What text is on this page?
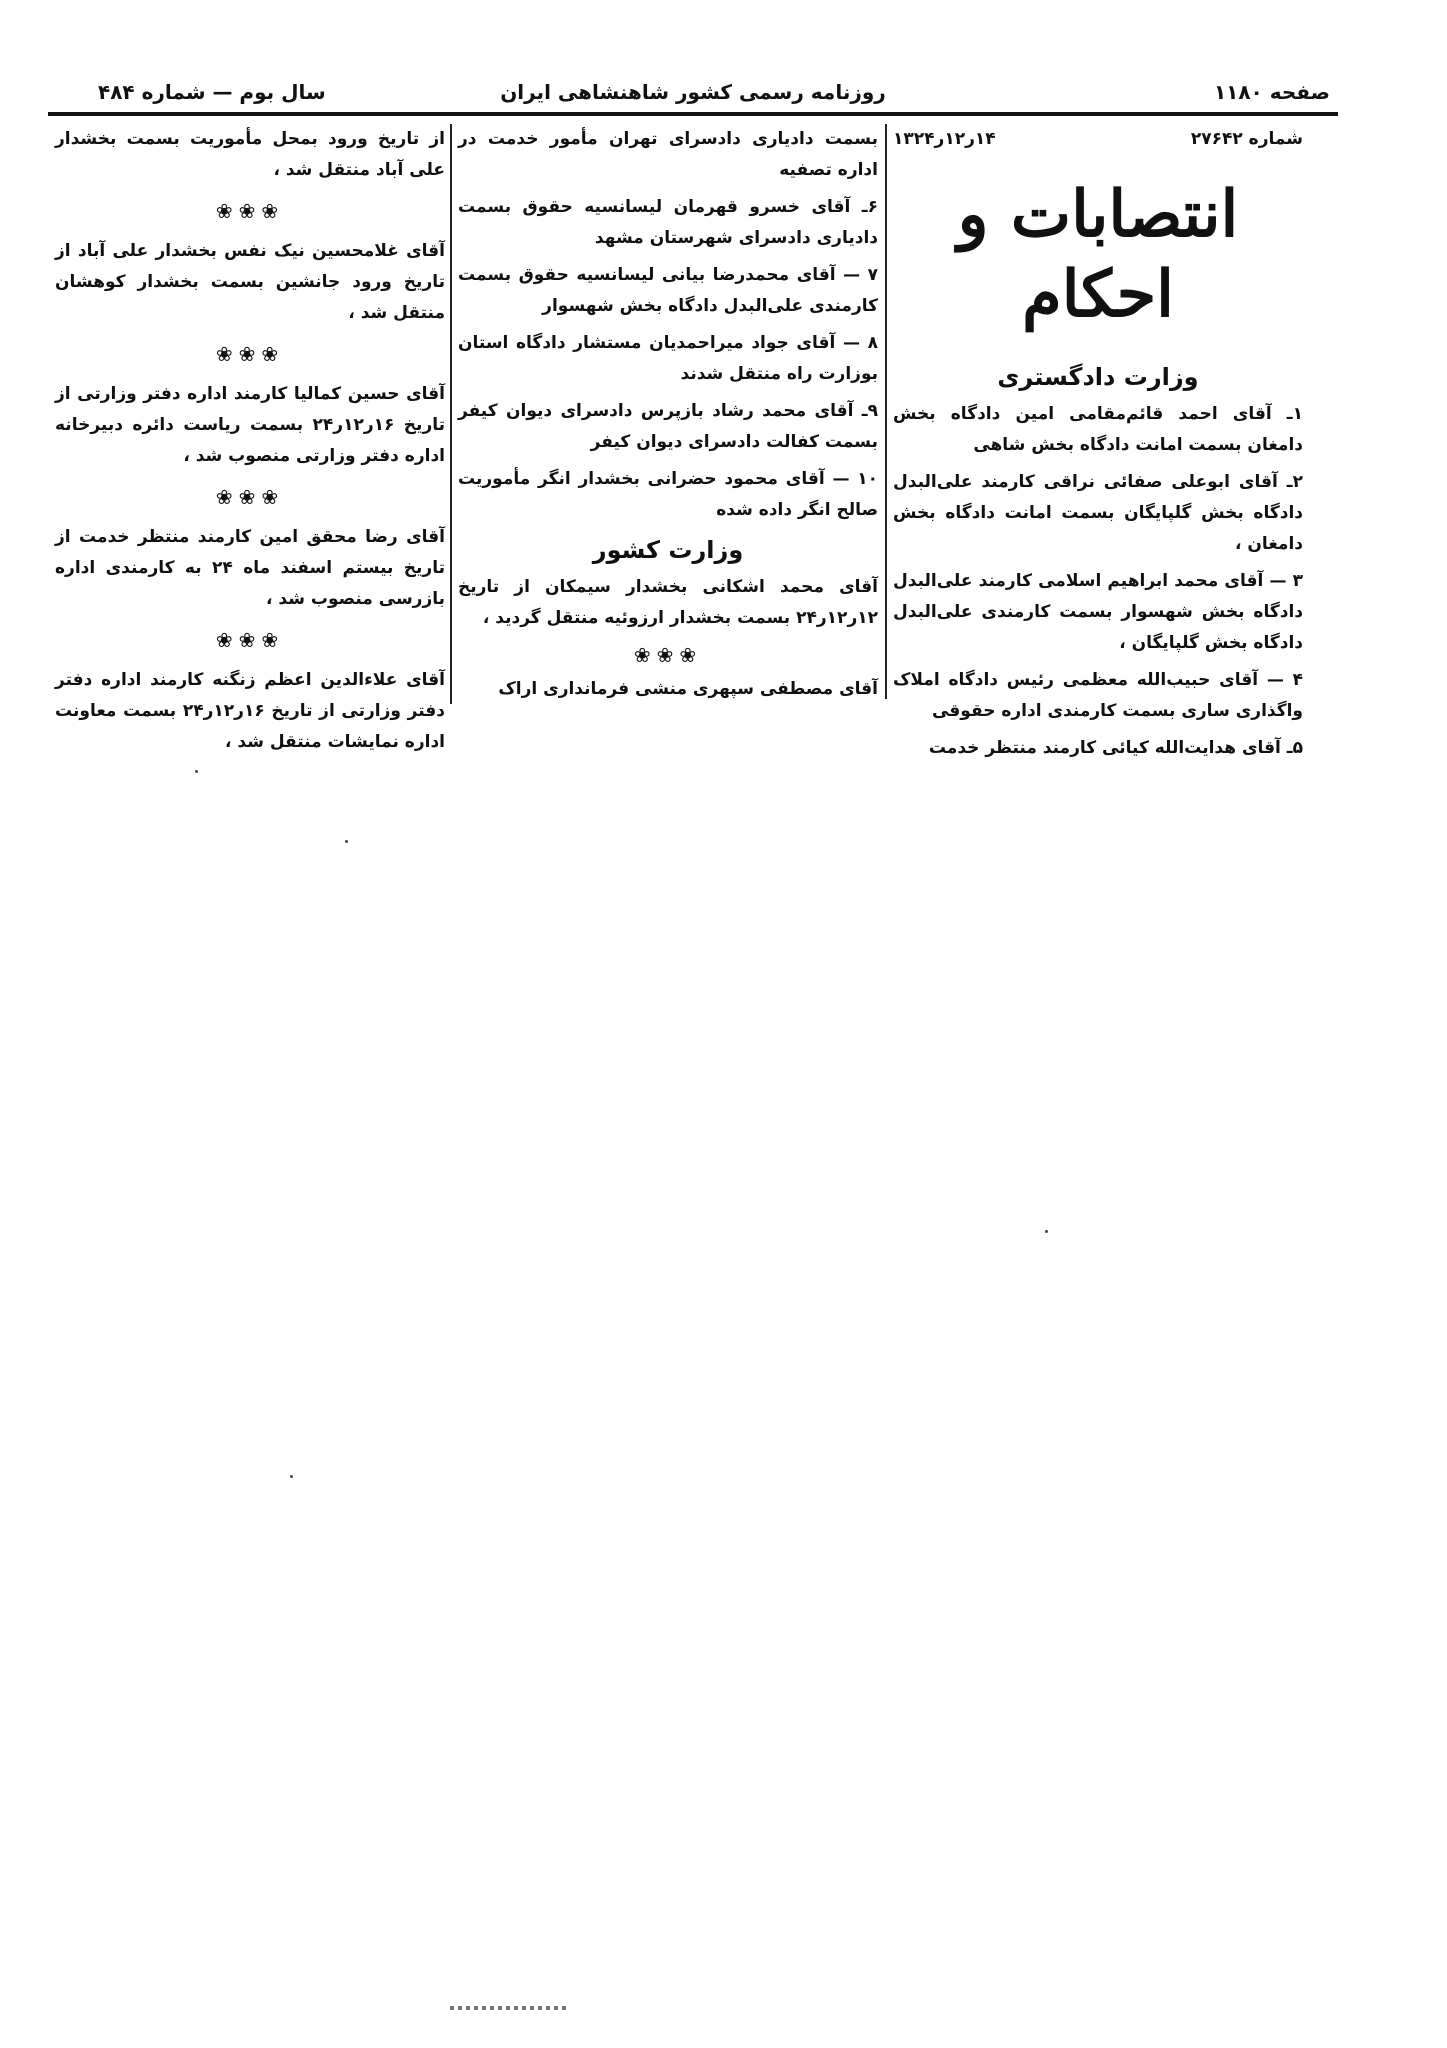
سال بوم — شماره ۴۸۴	روزنامه رسمی کشور شاهنشاهی ایران	صفحه ۱۱۸۰
شماره ۲۷۶۴۲
۱۴ر۱۲ر۱۳۲۴
انتصابات و احکام
وزارت دادگستری

۱ـ آقای احمد قائم‌مقامی امین دادگاه بخش دامغان بسمت امانت دادگاه بخش شاهی

۲ـ آقای ابوعلی صفائی نراقی کارمند علی‌البدل دادگاه بخش گلپایگان بسمت امانت دادگاه بخش دامغان ،

۳ — آقای محمد ابراهیم اسلامی کارمند علی‌البدل دادگاه بخش شهسوار بسمت کارمندی علی‌البدل دادگاه بخش گلپایگان ،

۴ — آقای حبیب‌الله معظمی رئیس دادگاه املاک واگذاری ساری بسمت کارمندی اداره حقوقی

۵ـ آقای هدایت‌الله کیائی کارمند منتظر خدمت

بسمت دادیاری دادسرای تهران مأمور خدمت در اداره تصفیه

۶ـ آقای خسرو قهرمان لیسانسیه حقوق بسمت دادیاری دادسرای شهرستان مشهد

۷ — آقای محمدرضا بیانی لیسانسیه حقوق بسمت کارمندی علی‌البدل دادگاه بخش شهسوار

۸ — آقای جواد میراحمدیان مستشار دادگاه استان بوزارت راه منتقل شدند

۹ـ آقای محمد رشاد بازپرس دادسرای دیوان کیفر بسمت کفالت دادسرای دیوان کیفر

۱۰ — آقای محمود حضرانی بخشدار انگر مأموریت صالح انگر داده شده

وزارت کشور

آقای محمد اشکانی بخشدار سیمکان از تاریخ ۱۲ر۱۲ر۲۴ بسمت بخشدار ارزوئیه منتقل گردید ،

❀❀❀

آقای مصطفی سپهری منشی فرمانداری اراک

از تاریخ ورود بمحل مأموریت بسمت بخشدار علی آباد منتقل شد ،

❀❀❀

آقای غلامحسین نیک نفس بخشدار علی آباد از تاریخ ورود جانشین بسمت بخشدار کوهشان منتقل شد ،

❀❀❀

آقای حسین کمالیا کارمند اداره دفتر وزارتی از تاریخ ۱۶ر۱۲ر۲۴ بسمت ریاست دائره دبیرخانه اداره دفتر وزارتی منصوب شد ،

❀❀❀

آقای رضا محقق امین کارمند منتظر خدمت از تاریخ بیستم اسفند ماه ۲۴ به کارمندی اداره بازرسی منصوب شد ،

❀❀❀

آقای علاءالدین اعظم زنگنه کارمند اداره دفتر دفتر وزارتی از تاریخ ۱۶ر۱۲ر۲۴ بسمت معاونت اداره نمایشات منتقل شد ،
